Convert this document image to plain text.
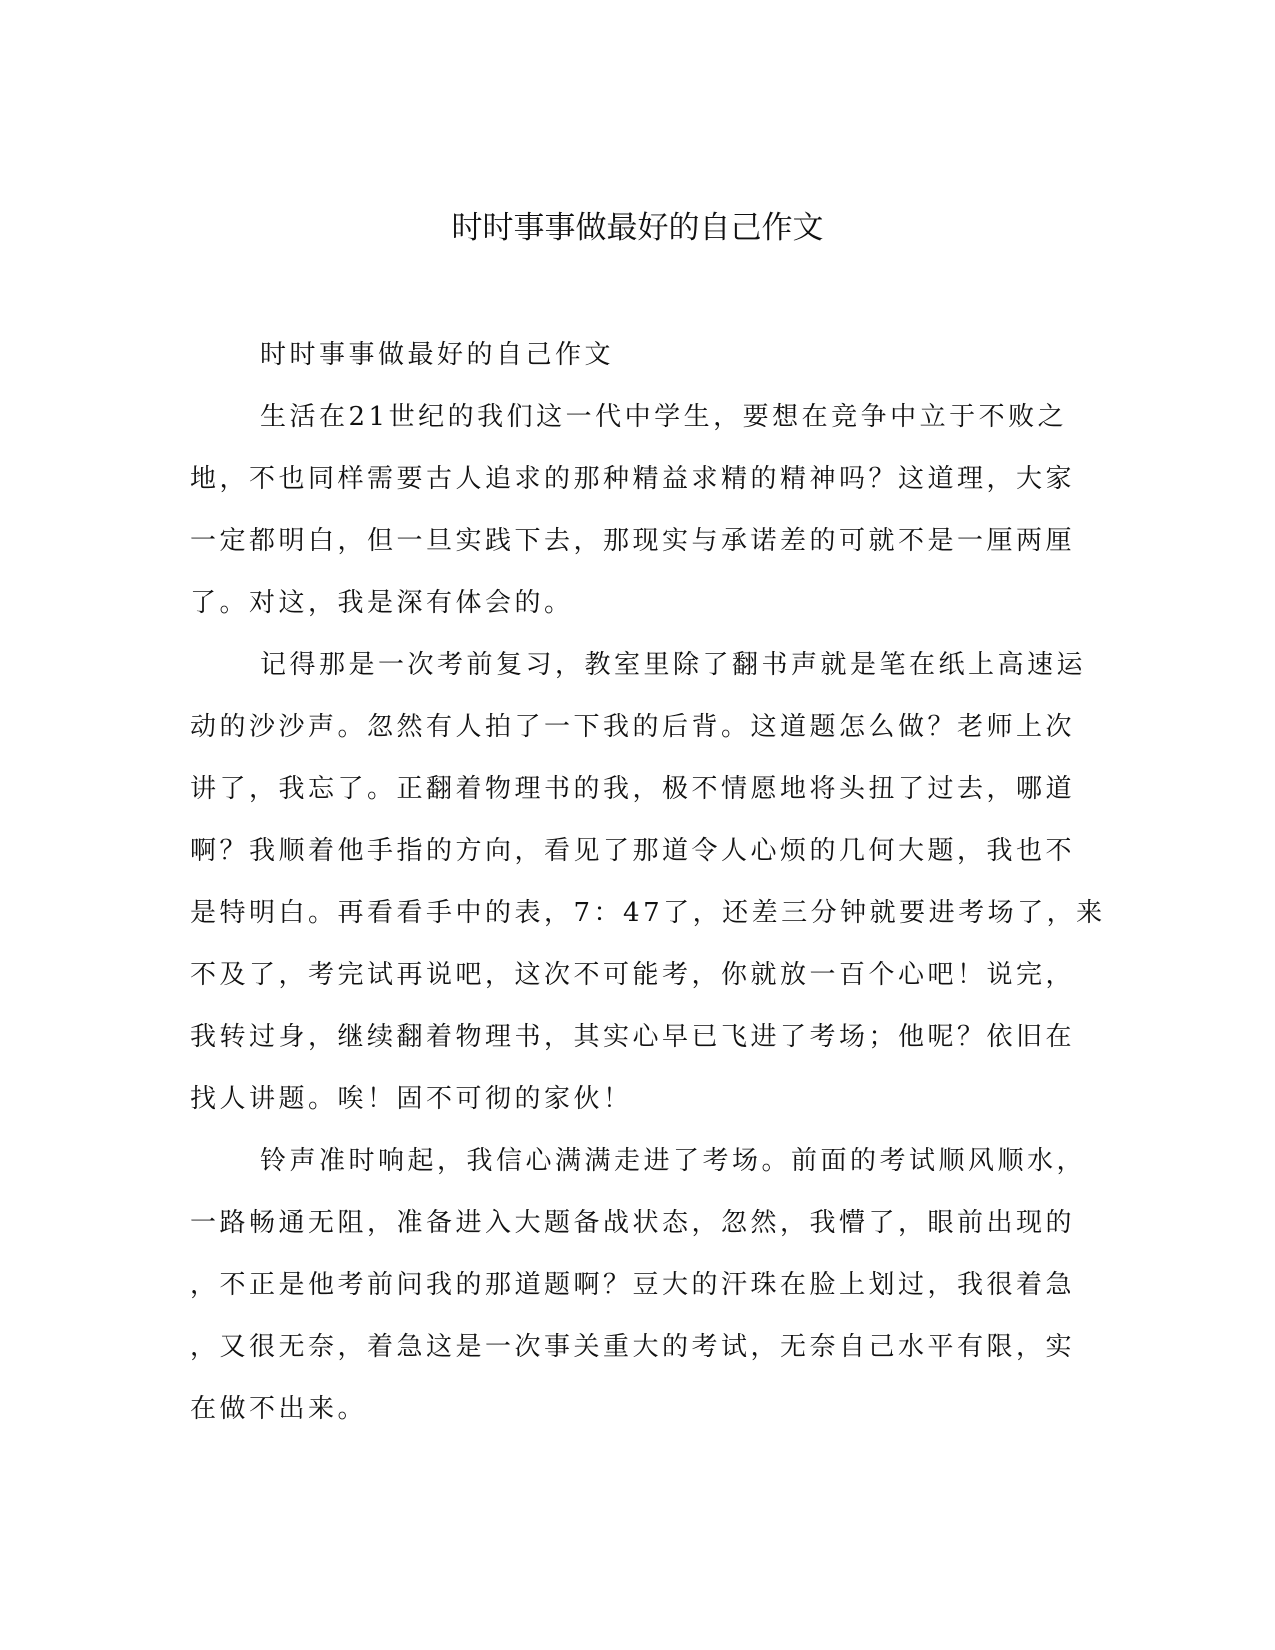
时时事事做最好的自己作文

时时事事做最好的自己作文

生活在21世纪的我们这一代中学生，要想在竞争中立于不败之
地，不也同样需要古人追求的那种精益求精的精神吗？这道理，大家
一定都明白，但一旦实践下去，那现实与承诺差的可就不是一厘两厘
了。对这，我是深有体会的。

记得那是一次考前复习，教室里除了翻书声就是笔在纸上高速运
动的沙沙声。忽然有人拍了一下我的后背。这道题怎么做？老师上次
讲了，我忘了。正翻着物理书的我，极不情愿地将头扭了过去，哪道
啊？我顺着他手指的方向，看见了那道令人心烦的几何大题，我也不
是特明白。再看看手中的表，7：47了，还差三分钟就要进考场了，来
不及了，考完试再说吧，这次不可能考，你就放一百个心吧！说完，
我转过身，继续翻着物理书，其实心早已飞进了考场；他呢？依旧在
找人讲题。唉！固不可彻的家伙！

铃声准时响起，我信心满满走进了考场。前面的考试顺风顺水，
一路畅通无阻，准备进入大题备战状态，忽然，我懵了，眼前出现的
，不正是他考前问我的那道题啊？豆大的汗珠在脸上划过，我很着急
，又很无奈，着急这是一次事关重大的考试，无奈自己水平有限，实
在做不出来。
